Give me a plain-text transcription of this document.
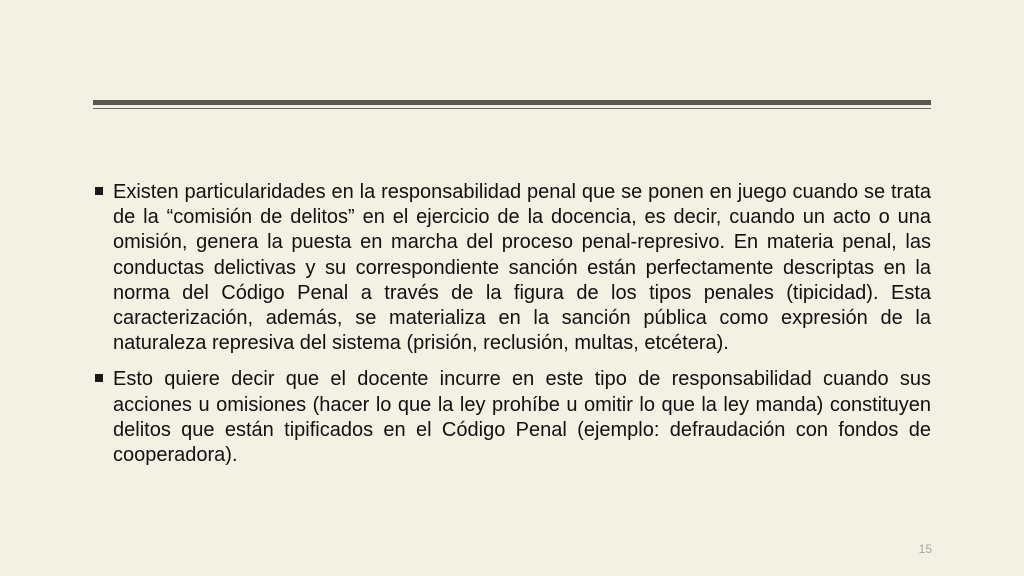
Existen particularidades en la responsabilidad penal que se ponen en juego cuando se trata de la “comisión de delitos” en el ejercicio de la docencia, es decir, cuando un acto o una omisión, genera la puesta en marcha del proceso penal-represivo. En materia penal, las conductas delictivas y su correspondiente sanción están perfectamente descriptas en la norma del Código Penal a través de la figura de los tipos penales (tipicidad). Esta caracterización, además, se materializa en la sanción pública como expresión de la naturaleza represiva del sistema (prisión, reclusión, multas, etcétera).
Esto quiere decir que el docente incurre en este tipo de responsabilidad cuando sus acciones u omisiones (hacer lo que la ley prohíbe u omitir lo que la ley manda) constituyen delitos que están tipificados en el Código Penal (ejemplo: defraudación con fondos de cooperadora).
15
